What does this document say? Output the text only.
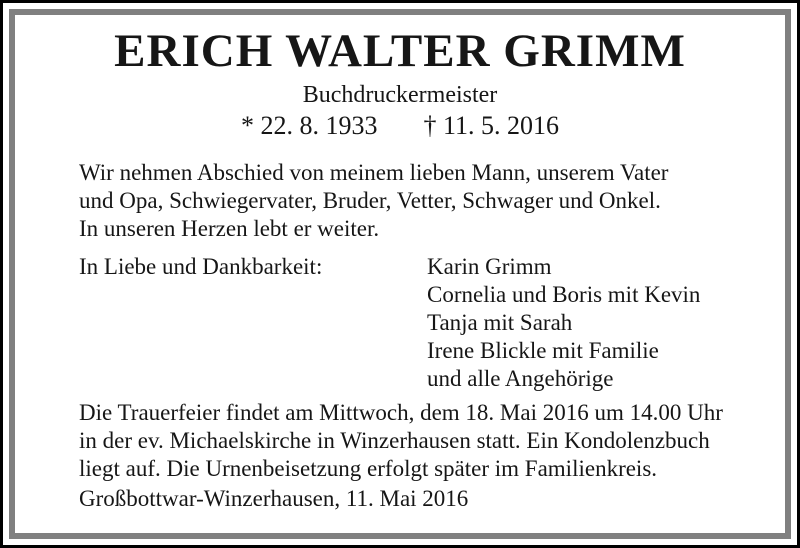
ERICH WALTER GRIMM
Buchdruckermeister
* 22. 8. 1933 † 11. 5. 2016
Wir nehmen Abschied von meinem lieben Mann, unserem Vater
und Opa, Schwiegervater, Bruder, Vetter, Schwager und Onkel.
In unseren Herzen lebt er weiter.
In Liebe und Dankbarkeit:	Karin Grimm
Cornelia und Boris mit Kevin
Tanja mit Sarah
Irene Blickle mit Familie
und alle Angehörige
Die Trauerfeier findet am Mittwoch, dem 18. Mai 2016 um 14.00 Uhr
in der ev. Michaelskirche in Winzerhausen statt. Ein Kondolenzbuch
liegt auf. Die Urnenbeisetzung erfolgt später im Familienkreis.
Großbottwar-Winzerhausen, 11. Mai 2016
